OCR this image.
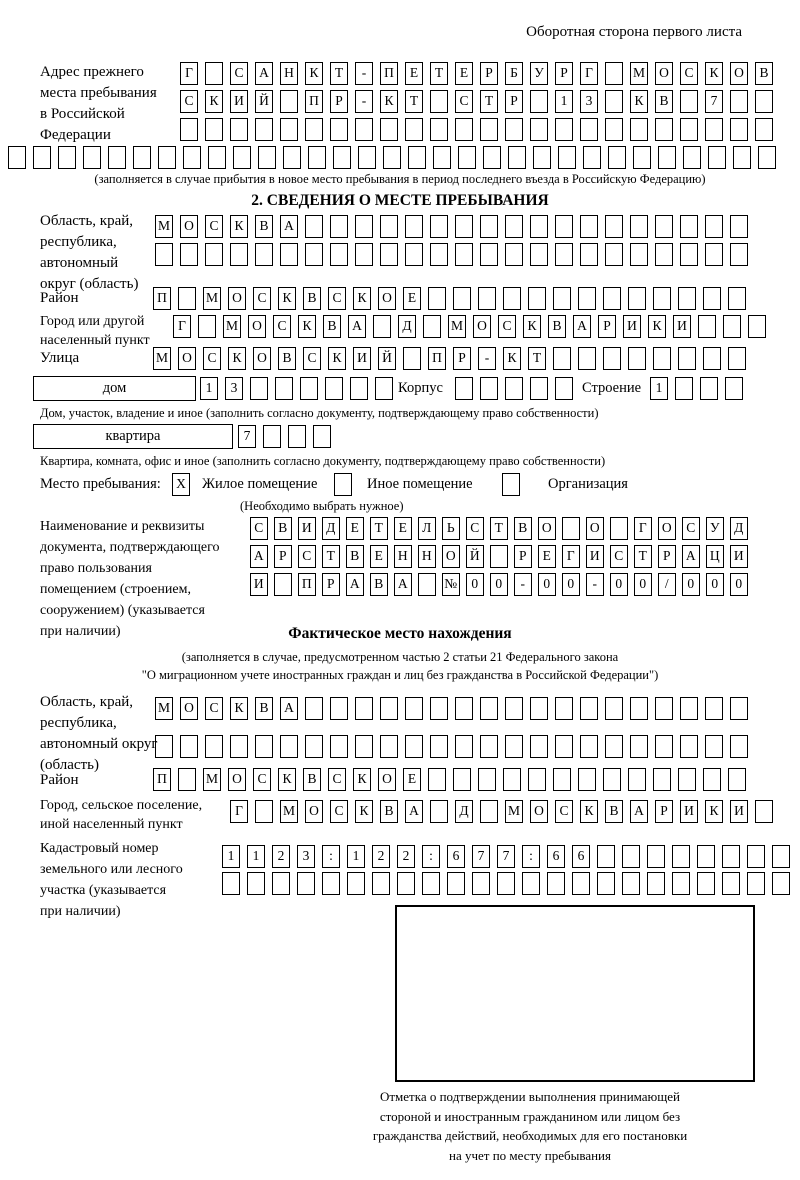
Оборотная сторона первого листа
Адрес прежнего
места пребывания
в Российской
Федерации
Г	С	А	Н	К	Т	-	П	Е	Т	Е	Р	Б	У	Р	Г	М	О	С	К	О	В
С	К	И	Й	П	Р	-	К	Т	С	Т	Р	1	3	К	В	7
(заполняется в случае прибытия в новое место пребывания в период последнего въезда в Российскую Федерацию)
2. СВЕДЕНИЯ О МЕСТЕ ПРЕБЫВАНИЯ
Область, край,
республика,
автономный
округ (область)
М	О	С	К	В	А
Район	П	М	О	С	К	В	С	К	О	Е
Город или другой
населенный пункт
Г	М	О	С	К	В	А	Д	М	О	С	К	В	А	Р	И	К	И
Улица	М	О	С	К	О	В	С	К	И	Й	П	Р	-	К	Т
дом	1	3	Корпус	Строение	1
Дом, участок, владение и иное (заполнить согласно документу, подтверждающему право собственности)
квартира	7
Квартира, комната, офис и иное (заполнить согласно документу, подтверждающему право собственности)
Место пребывания:	X Жилое помещение	Иное помещение	Организация
(Необходимо выбрать нужное)
Наименование и реквизиты
документа, подтверждающего
право пользования
помещением (строением,
сооружением) (указывается
при наличии)
С	В	И	Д	Е	Т	Е	Л	Ь	С	Т	В	О	О	Г	О	С	У	Д
А	Р	С	Т	В	Е	Н Н О Й	Р	Е	Г	И	С	Т	Р	А Ц И
И	П	Р	А	В	А	№	0	0	-	0	0	-	0	0	/	0	0	0
Фактическое место нахождения
(заполняется в случае, предусмотренном частью 2 статьи 21 Федерального закона
"О миграционном учете иностранных граждан и лиц без гражданства в Российской Федерации")
Область, край,
республика,
автономный округ
(область)
М	О	С	К	В	А
Район	П	М	О	С	К	В	С	К	О	Е
Город, сельское поселение,
иной населенный пункт
Г	М	О	С	К	В	А	Д	М	О	С	К	В	А	Р	И	К	И
Кадастровый номер
земельного или лесного
участка (указывается
при наличии)
1	1	2	3	:	1	2	2	:	6	7	7	:	6	6
Отметка о подтверждении выполнения принимающей
стороной и иностранным гражданином или лицом без
гражданства действий, необходимых для его постановки
на учет по месту пребывания
